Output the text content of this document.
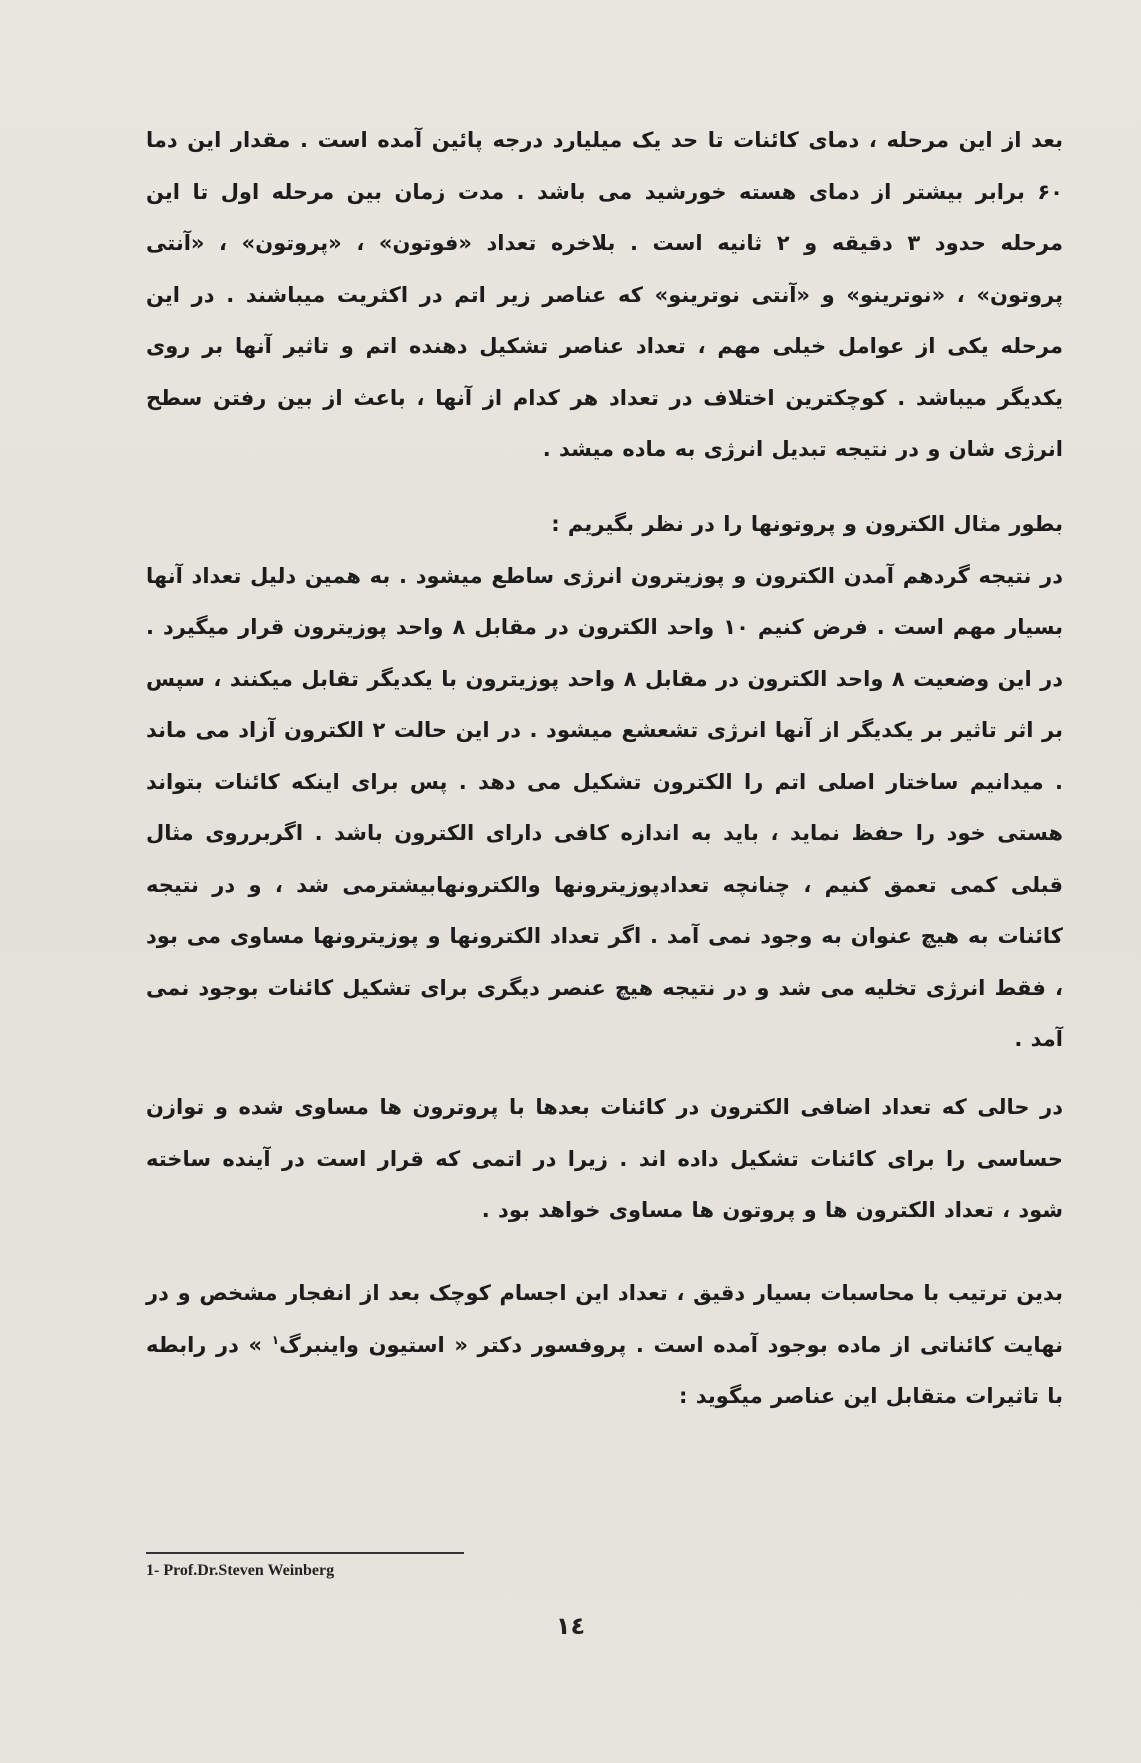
بعد از این مرحله ، دمای کائنات تا حد یک میلیارد درجه پائین آمده است . مقدار این دما ۶۰ برابر بیشتر از دمای هسته خورشید می باشد . مدت زمان بین مرحله اول تا این مرحله حدود ۳ دقیقه و ۲ ثانیه است . بلاخره تعداد «فوتون» ، «پروتون» ، «آنتی پروتون» ، «نوترینو» و «آنتی نوترینو» که عناصر زیر اتم در اکثریت میباشند . در این مرحله یکی از عوامل خیلی مهم ، تعداد عناصر تشکیل دهنده اتم و تاثیر آنها بر روی یکدیگر میباشد . کوچکترین اختلاف در تعداد هر کدام از آنها ، باعث از بین رفتن سطح انرژی شان و در نتیجه تبدیل انرژی به ماده میشد .

بطور مثال الکترون و پروتونها را در نظر بگیریم :

در نتیجه گردهم آمدن الکترون و پوزیترون انرژی ساطع میشود . به همین دلیل تعداد آنها بسیار مهم است . فرض کنیم ۱۰ واحد الکترون در مقابل ۸ واحد پوزیترون قرار میگیرد . در این وضعیت ۸ واحد الکترون در مقابل ۸ واحد پوزیترون با یکدیگر تقابل میکنند ، سپس بر اثر تاثیر بر یکدیگر از آنها انرژی تشعشع میشود . در این حالت ۲ الکترون آزاد می ماند . میدانیم ساختار اصلی اتم را الکترون تشکیل می دهد . پس برای اینکه کائنات بتواند هستی خود را حفظ نماید ، باید به اندازه کافی دارای الکترون باشد . اگربرروی مثال قبلی کمی تعمق کنیم ، چنانچه تعدادپوزیترونها والکترونهابیشترمی شد ، و در نتیجه کائنات به هیچ عنوان به وجود نمی آمد . اگر تعداد الکترونها و پوزیترونها مساوی می بود ، فقط انرژی تخلیه می شد و در نتیجه هیچ عنصر دیگری برای تشکیل کائنات بوجود نمی آمد .

در حالی که تعداد اضافی الکترون در کائنات بعدها با پروترون ها مساوی شده و توازن حساسی را برای کائنات تشکیل داده اند . زیرا در اتمی که قرار است در آینده ساخته شود ، تعداد الکترون ها و پروتون ها مساوی خواهد بود .

بدین ترتیب با محاسبات بسیار دقیق ، تعداد این اجسام کوچک بعد از انفجار مشخص و در نهایت کائناتی از ماده بوجود آمده است . پروفسور دکتر « استیون واینبرگ$^۱$ » در رابطه با تاثیرات متقابل این عناصر میگوید :

1- Prof.Dr.Steven Weinberg
١٤
